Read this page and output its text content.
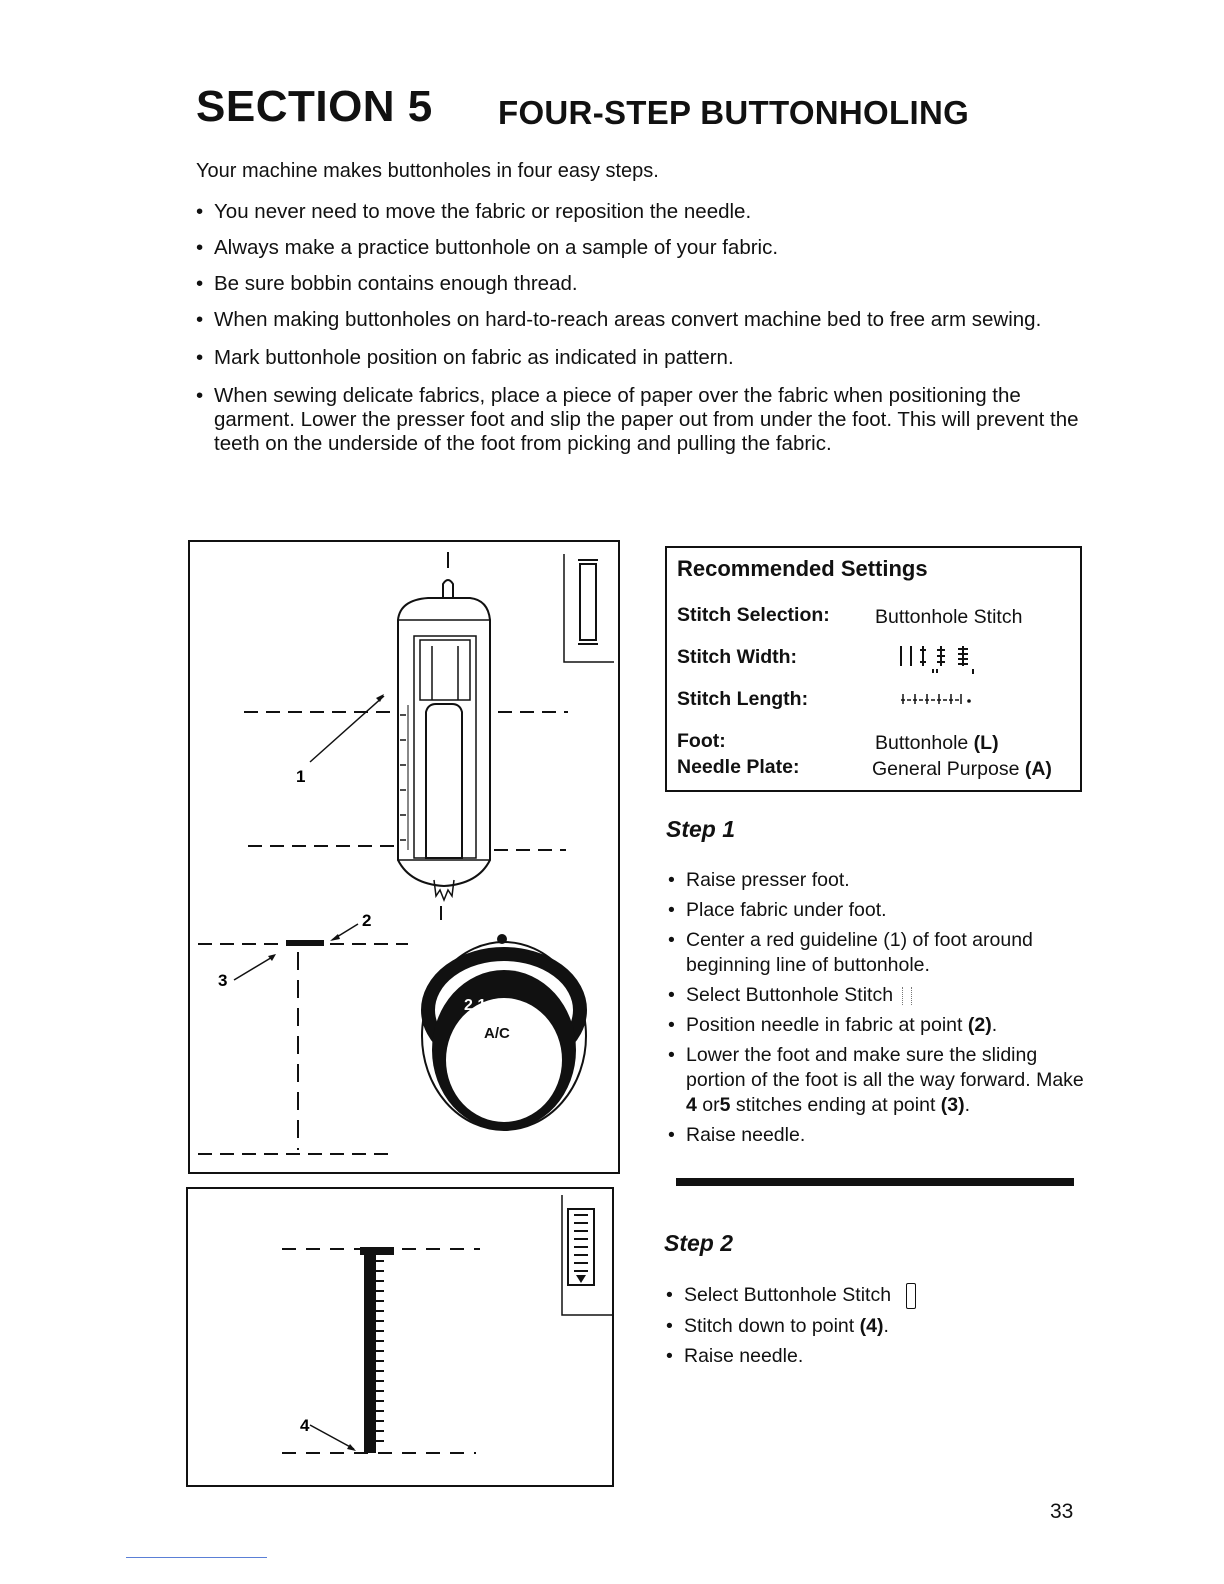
SECTION 5 FOUR-STEP BUTTONHOLING
Your machine makes buttonholes in four easy steps.
• You never need to move the fabric or reposition the needle.
• Always make a practice buttonhole on a sample of your fabric.
• Be sure bobbin contains enough thread.
• When making buttonholes on hard-to-reach areas convert machine bed to free arm sewing.
• Mark buttonhole position on fabric as indicated in pattern.
• When sewing delicate fabrics, place a piece of paper over the fabric when positioning the garment. Lower the presser foot and slip the paper out from under the foot. This will prevent the teeth on the underside of the foot from picking and pulling the fabric.
1
2
3
2 1 3 4
A/C
4
Recommended Settings
Stitch Selection: Buttonhole Stitch
Stitch Width:
Stitch Length:
Foot:	Buttonhole (L)
Needle Plate:	General Purpose (A)
Step 1
• Raise presser foot.
• Place fabric under foot.
• Center a red guideline (1) of foot around beginning line of buttonhole.
• Select Buttonhole Stitch
• Position needle in fabric at point (2).
• Lower the foot and make sure the sliding portion of the foot is all the way forward. Make 4 or5 stitches ending at point (3).
• Raise needle.
Step 2
• Select Buttonhole Stitch
• Stitch down to point (4).
• Raise needle.
33
